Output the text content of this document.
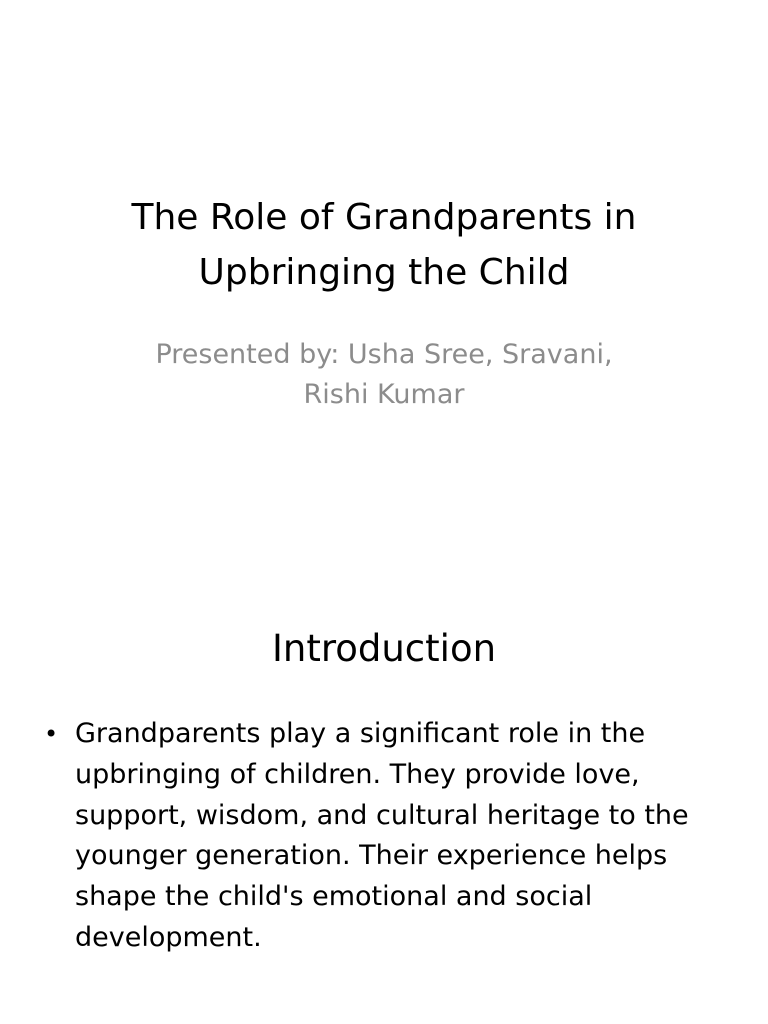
The Role of Grandparents in
Upbringing the Child

Presented by: Usha Sree, Sravani,
Rishi Kumar

Introduction
• Grandparents play a significant role in the
upbringing of children. They provide love,
support, wisdom, and cultural heritage to the
younger generation. Their experience helps
shape the child's emotional and social
development.
